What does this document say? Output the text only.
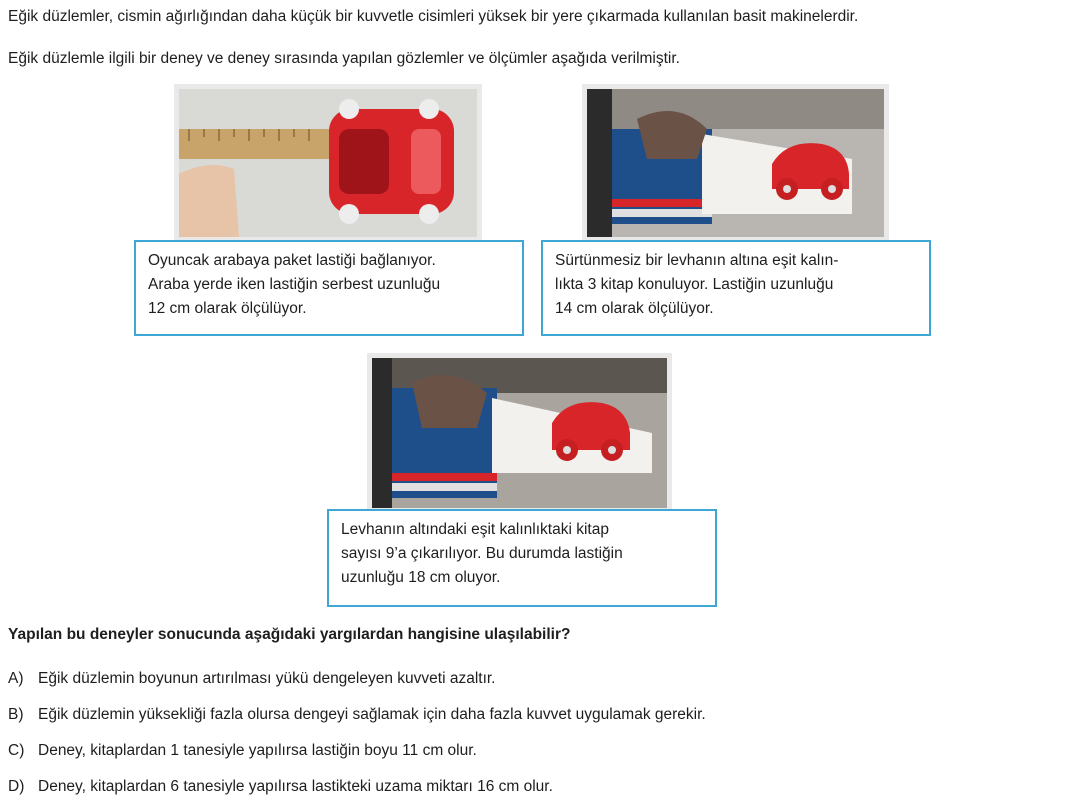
Eğik düzlemler, cismin ağırlığından daha küçük bir kuvvetle cisimleri yüksek bir yere çıkarmada kullanılan basit makinelerdir.
Eğik düzlemle ilgili bir deney ve deney sırasında yapılan gözlemler ve ölçümler aşağıda verilmiştir.
Oyuncak arabaya paket lastiği bağlanıyor.
Araba yerde iken lastiğin serbest uzunluğu
12 cm olarak ölçülüyor.
Sürtünmesiz bir levhanın altına eşit kalın-
lıkta 3 kitap konuluyor. Lastiğin uzunluğu
14 cm olarak ölçülüyor.
Levhanın altındaki eşit kalınlıktaki kitap
sayısı 9’a çıkarılıyor. Bu durumda lastiğin
uzunluğu 18 cm oluyor.
Yapılan bu deneyler sonucunda aşağıdaki yargılardan hangisine ulaşılabilir?
A) Eğik düzlemin boyunun artırılması yükü dengeleyen kuvveti azaltır.
B) Eğik düzlemin yüksekliği fazla olursa dengeyi sağlamak için daha fazla kuvvet uygulamak gerekir.
C) Deney, kitaplardan 1 tanesiyle yapılırsa lastiğin boyu 11 cm olur.
D) Deney, kitaplardan 6 tanesiyle yapılırsa lastikteki uzama miktarı 16 cm olur.
